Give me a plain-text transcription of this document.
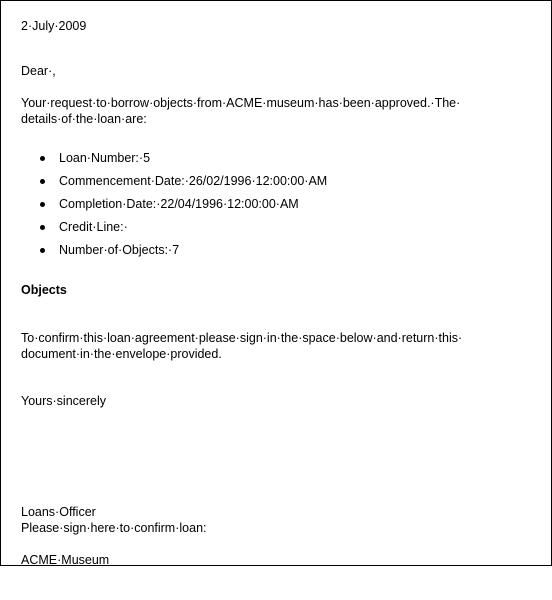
2·July·2009

Dear·,

Your·request·to·borrow·objects·from·ACME·museum·has·been·approved.·The· details·of·the·loan·are:

Loan·Number:·5
Commencement·Date:·26/02/1996·12:00:00·AM
Completion·Date:·22/04/1996·12:00:00·AM
Credit·Line:·
Number·of·Objects:·7

Objects

To·confirm·this·loan·agreement·please·sign·in·the·space·below·and·return·this· document·in·the·envelope·provided.

Yours·sincerely

Loans·Officer

ACME·Museum

Please·sign·here·to·confirm·loan:
